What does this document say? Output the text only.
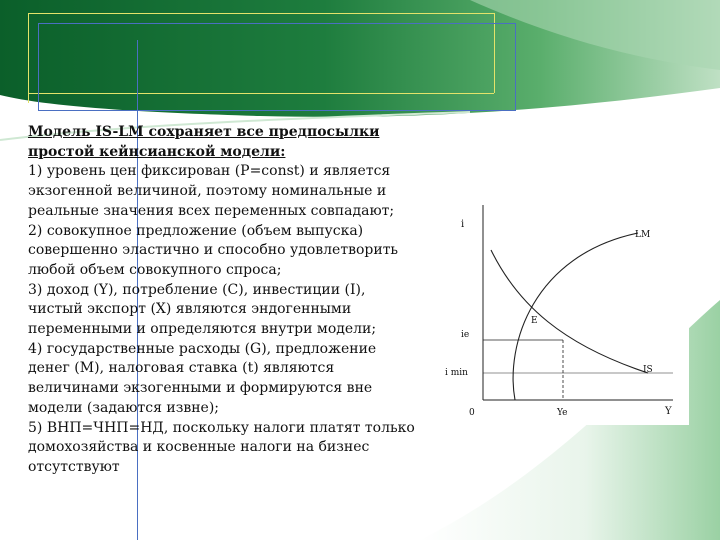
Модель IS-LM сохраняет все предпосылки
простой кейнсианской модели:
1) уровень цен фиксирован (P=const) и является
экзогенной величиной, поэтому номинальные и
реальные значения всех переменных совпадают;
2) совокупное предложение (объем выпуска)
совершенно эластично и способно удовлетворить
любой объем совокупного спроса;
3) доход (Y), потребление (C), инвестиции (I),
чистый экспорт (X) являются эндогенными
переменными и определяются внутри модели;
4) государственные расходы (G), предложение
денег (M), налоговая ставка (t) являются
величинами экзогенными и формируются вне
модели (задаются извне);
5) ВНП=ЧНП=НД, поскольку налоги платят только
домохозяйства и косвенные налоги на бизнес
отсутствуют
i
Y
0
LM
IS
E
ie
i min
Ye
